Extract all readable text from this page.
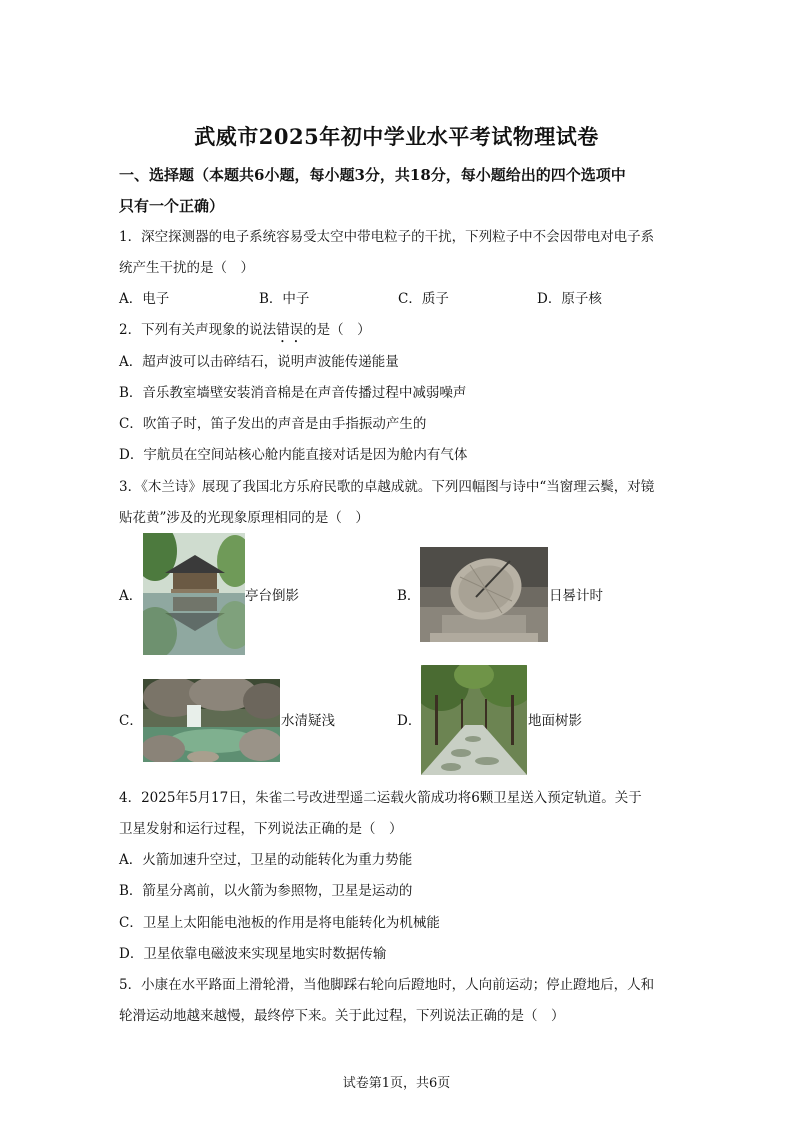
武威市2025年初中学业水平考试物理试卷
一、选择题（本题共6小题，每小题3分，共18分，每小题给出的四个选项中
只有一个正确）
1．深空探测器的电子系统容易受太空中带电粒子的干扰，下列粒子中不会因带电对电子系
统产生干扰的是（　）
A．电子	B．中子	C．质子	D．原子核
2．下列有关声现象的说法错误的是（　）
A．超声波可以击碎结石，说明声波能传递能量
B．音乐教室墙壁安装消音棉是在声音传播过程中减弱噪声
C．吹笛子时，笛子发出的声音是由手指振动产生的
D．宇航员在空间站核心舱内能直接对话是因为舱内有气体
3．《木兰诗》展现了我国北方乐府民歌的卓越成就。下列四幅图与诗中“当窗理云鬓，对镜
贴花黄”涉及的光现象原理相同的是（　）
A．	亭台倒影	B．	日晷计时
C．	水清疑浅	D．	地面树影
4．2025年5月17日，朱雀二号改进型遥二运载火箭成功将6颗卫星送入预定轨道。关于
卫星发射和运行过程，下列说法正确的是（　）
A．火箭加速升空过，卫星的动能转化为重力势能
B．箭星分离前，以火箭为参照物，卫星是运动的
C．卫星上太阳能电池板的作用是将电能转化为机械能
D．卫星依靠电磁波来实现星地实时数据传输
5．小康在水平路面上滑轮滑，当他脚踩右轮向后蹬地时，人向前运动；停止蹬地后，人和
轮滑运动地越来越慢，最终停下来。关于此过程，下列说法正确的是（　）
试卷第1页，共6页
